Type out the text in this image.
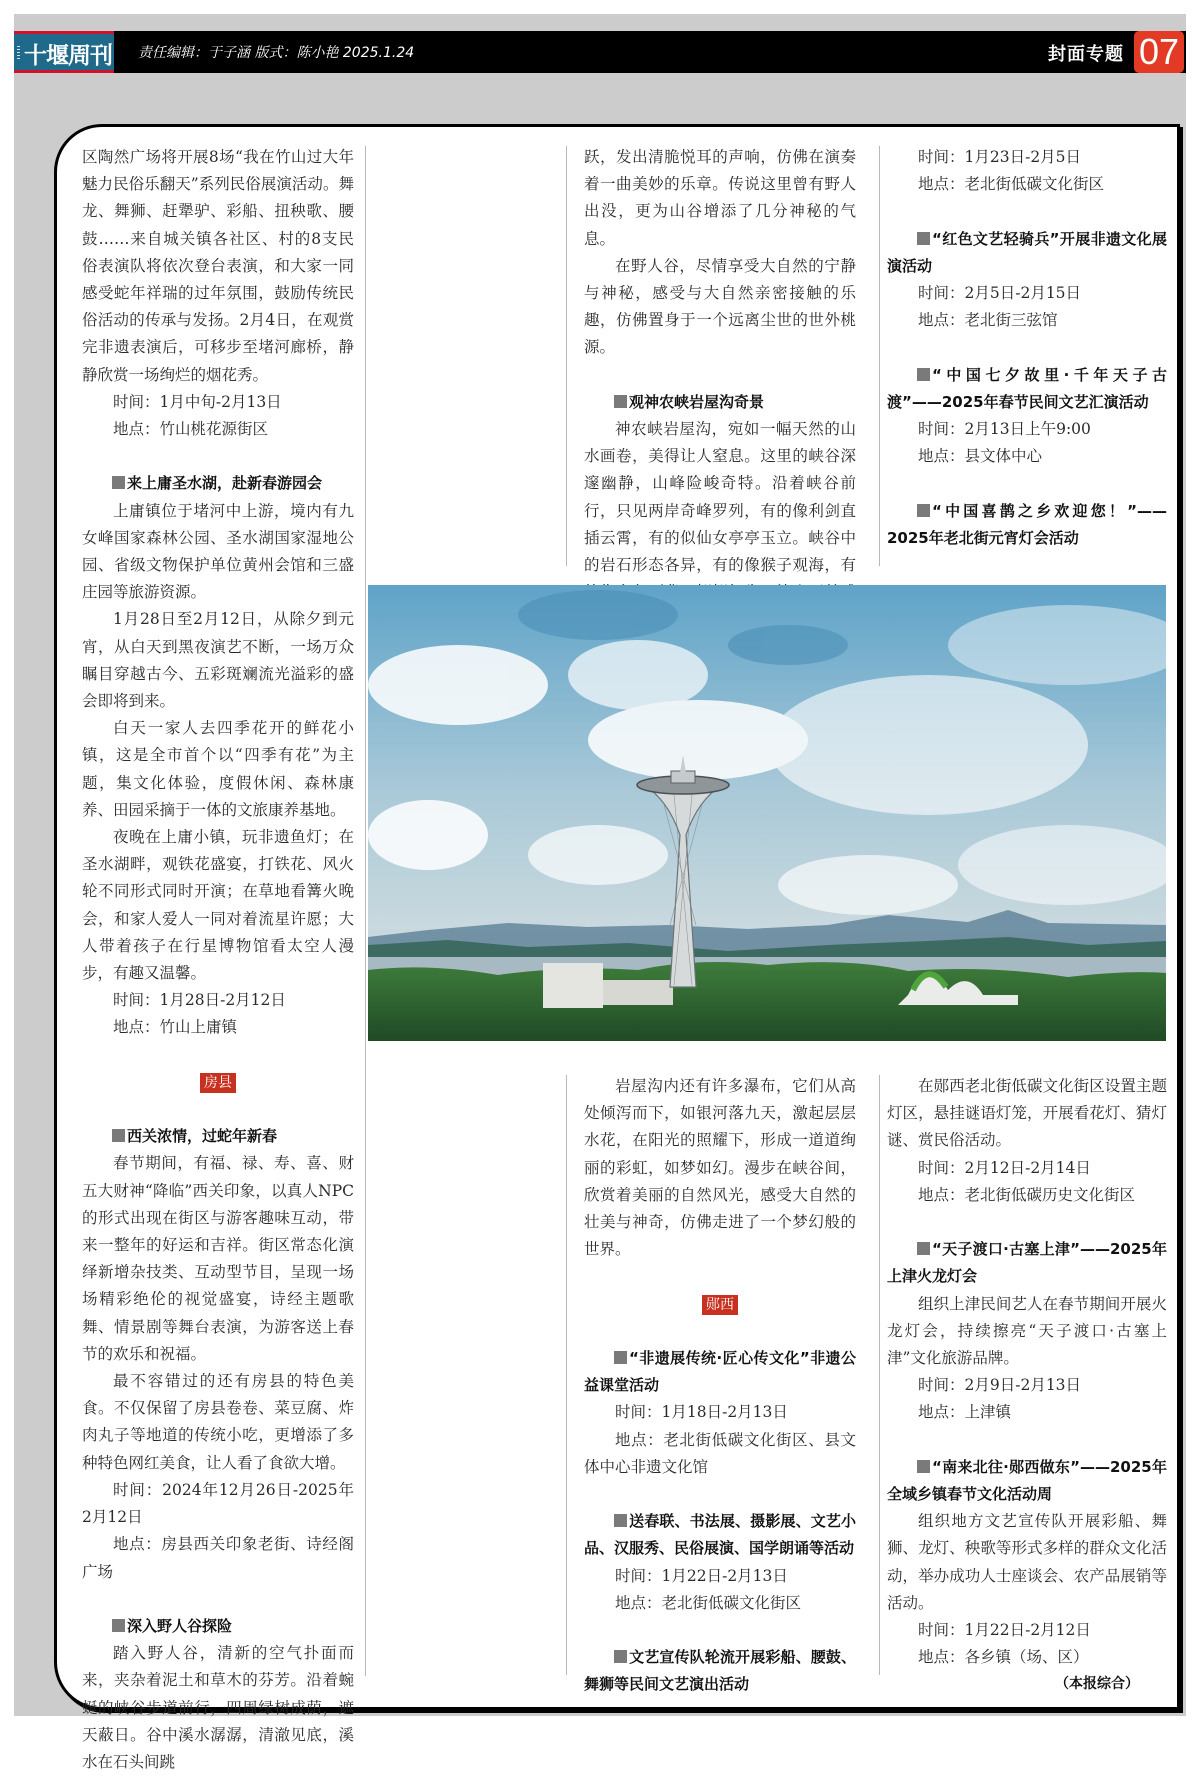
十堰周刊 责任编辑：于子涵 版式：陈小艳 2025.1.24	封面专题 07

区陶然广场将开展8场“我在竹山过大年 魅力民俗乐翻天”系列民俗展演活动。舞龙、舞狮、赶犟驴、彩船、扭秧歌、腰鼓……来自城关镇各社区、村的8支民俗表演队将依次登台表演，和大家一同感受蛇年祥瑞的过年氛围，鼓励传统民俗活动的传承与发扬。2月4日，在观赏完非遗表演后，可移步至堵河廊桥，静静欣赏一场绚烂的烟花秀。

时间：1月中旬-2月13日

地点：竹山桃花源街区

来上庸圣水湖，赴新春游园会

上庸镇位于堵河中上游，境内有九女峰国家森林公园、圣水湖国家湿地公园、省级文物保护单位黄州会馆和三盛庄园等旅游资源。

1月28日至2月12日，从除夕到元宵，从白天到黑夜演艺不断，一场万众瞩目穿越古今、五彩斑斓流光溢彩的盛会即将到来。

白天一家人去四季花开的鲜花小镇，这是全市首个以“四季有花”为主题，集文化体验，度假休闲、森林康养、田园采摘于一体的文旅康养基地。

夜晚在上庸小镇，玩非遗鱼灯；在圣水湖畔，观铁花盛宴，打铁花、风火轮不同形式同时开演；在草地看篝火晚会，和家人爱人一同对着流星许愿；大人带着孩子在行星博物馆看太空人漫步，有趣又温馨。

时间：1月28日-2月12日

地点：竹山上庸镇

房县

西关浓情，过蛇年新春

春节期间，有福、禄、寿、喜、财五大财神“降临”西关印象，以真人NPC的形式出现在街区与游客趣味互动，带来一整年的好运和吉祥。街区常态化演绎新增杂技类、互动型节目，呈现一场场精彩绝伦的视觉盛宴，诗经主题歌舞、情景剧等舞台表演，为游客送上春节的欢乐和祝福。

最不容错过的还有房县的特色美食。不仅保留了房县卷卷、菜豆腐、炸肉丸子等地道的传统小吃，更增添了多种特色网红美食，让人看了食欲大增。

时间：2024年12月26日-2025年2月12日

地点：房县西关印象老街、诗经阁广场

深入野人谷探险

踏入野人谷，清新的空气扑面而来，夹杂着泥土和草木的芬芳。沿着蜿蜒的峡谷步道前行，四周绿树成荫，遮天蔽日。谷中溪水潺潺，清澈见底，溪水在石头间跳

跃，发出清脆悦耳的声响，仿佛在演奏着一曲美妙的乐章。传说这里曾有野人出没，更为山谷增添了几分神秘的气息。

在野人谷，尽情享受大自然的宁静与神秘，感受与大自然亲密接触的乐趣，仿佛置身于一个远离尘世的世外桃源。

观神农峡岩屋沟奇景

神农峡岩屋沟，宛如一幅天然的山水画卷，美得让人窒息。这里的峡谷深邃幽静，山峰险峻奇特。沿着峡谷前行，只见两岸奇峰罗列，有的像利剑直插云霄，有的似仙女亭亭玉立。峡谷中的岩石形态各异，有的像猴子观海，有

时间：1月23日-2月5日

地点：老北街低碳文化街区

“红色文艺轻骑兵”开展非遗文化展演活动

时间：2月5日-2月15日

地点：老北街三弦馆

“中国七夕故里·千年天子古渡”——2025年春节民间文艺汇演活动

时间：2月13日上午9:00

地点：县文体中心

“中国喜鹊之乡欢迎您！”——2025年老北街元宵灯会活动

岩屋沟内还有许多瀑布，它们从高处倾泻而下，如银河落九天，激起层层水花，在阳光的照耀下，形成一道道绚丽的彩虹，如梦如幻。漫步在峡谷间，欣赏着美丽的自然风光，感受大自然的壮美与神奇，仿佛走进了一个梦幻般的世界。

郧西

“非遗展传统·匠心传文化”非遗公益课堂活动

时间：1月18日-2月13日

地点：老北街低碳文化街区、县文体中心非遗文化馆

送春联、书法展、摄影展、文艺小品、汉服秀、民俗展演、国学朗诵等活动

时间：1月22日-2月13日

地点：老北街低碳文化街区

文艺宣传队轮流开展彩船、腰鼓、舞狮等民间文艺演出活动

在郧西老北街低碳文化街区设置主题灯区，悬挂谜语灯笼，开展看花灯、猜灯谜、赏民俗活动。

时间：2月12日-2月14日

地点：老北街低碳历史文化街区

“天子渡口·古塞上津”——2025年上津火龙灯会

组织上津民间艺人在春节期间开展火龙灯会，持续擦亮“天子渡口·古塞上津”文化旅游品牌。

时间：2月9日-2月13日

地点：上津镇

“南来北往·郧西做东”——2025年全域乡镇春节文化活动周

组织地方文艺宣传队开展彩船、舞狮、龙灯、秧歌等形式多样的群众文化活动，举办成功人士座谈会、农产品展销等活动。

时间：1月22日-2月12日

地点：各乡镇（场、区）

（本报综合）
